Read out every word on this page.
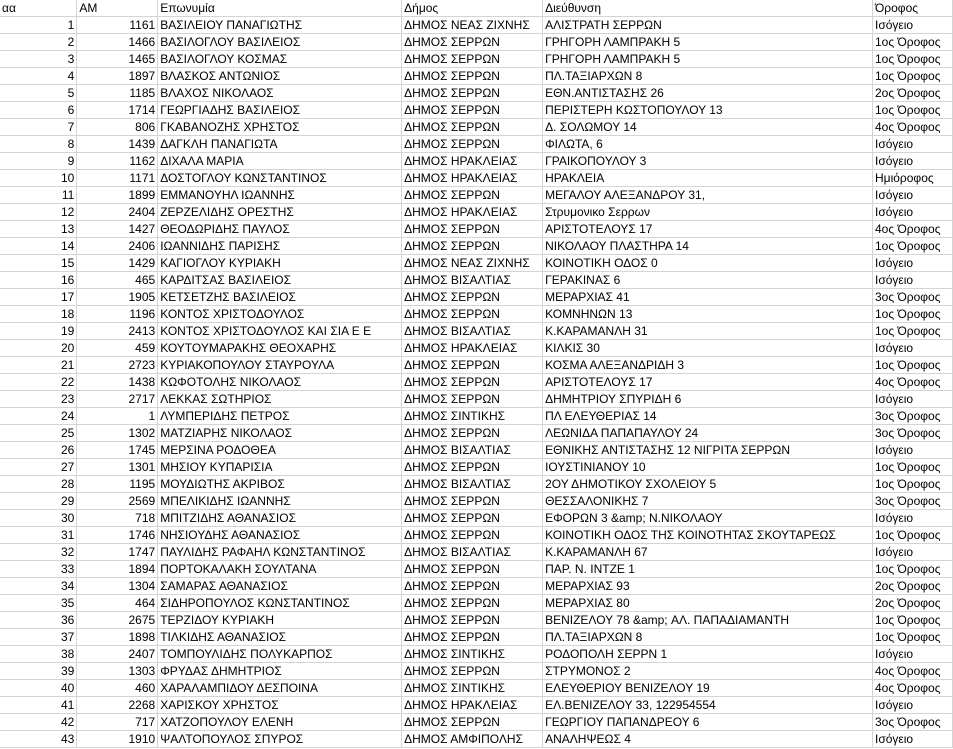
αα	AM	Επωνυμία	Δήμος	Διεύθυνση	Όροφος
1	1161	ΒΑΣΙΛΕΙΟΥ ΠΑΝΑΓΙΩΤΗΣ	ΔΗΜΟΣ ΝΕΑΣ ΖΙΧΝΗΣ	ΑΛΙΣΤΡΑΤΗ ΣΕΡΡΩΝ	Ισόγειο
2	1466	ΒΑΣΙΛΟΓΛΟΥ ΒΑΣΙΛΕΙΟΣ	ΔΗΜΟΣ ΣΕΡΡΩΝ	ΓΡΗΓΟΡΗ ΛΑΜΠΡΑΚΗ 5	1ος Όροφος
3	1465	ΒΑΣΙΛΟΓΛΟΥ ΚΟΣΜΑΣ	ΔΗΜΟΣ ΣΕΡΡΩΝ	ΓΡΗΓΟΡΗ ΛΑΜΠΡΑΚΗ 5	1ος Όροφος
4	1897	ΒΛΑΣΚΟΣ ΑΝΤΩΝΙΟΣ	ΔΗΜΟΣ ΣΕΡΡΩΝ	ΠΛ.ΤΑΞΙΑΡΧΩΝ 8	1ος Όροφος
5	1185	ΒΛΑΧΟΣ ΝΙΚΟΛΑΟΣ	ΔΗΜΟΣ ΣΕΡΡΩΝ	ΕΘΝ.ΑΝΤΙΣΤΑΣΗΣ 26	2ος Όροφος
6	1714	ΓΕΩΡΓΙΑΔΗΣ ΒΑΣΙΛΕΙΟΣ	ΔΗΜΟΣ ΣΕΡΡΩΝ	ΠΕΡΙΣΤΕΡΗ ΚΩΣΤΟΠΟΥΛΟΥ 13	1ος Όροφος
7	806	ΓΚΑΒΑΝΟΖΗΣ ΧΡΗΣΤΟΣ	ΔΗΜΟΣ ΣΕΡΡΩΝ	Δ. ΣΟΛΩΜΟΥ 14	4ος Όροφος
8	1439	ΔΑΓΚΛΗ ΠΑΝΑΓΙΩΤΑ	ΔΗΜΟΣ ΣΕΡΡΩΝ	ΦΙΛΩΤΑ, 6	Ισόγειο
9	1162	ΔΙΧΑΛΑ ΜΑΡΙΑ	ΔΗΜΟΣ ΗΡΑΚΛΕΙΑΣ	ΓΡΑΙΚΟΠΟΥΛΟΥ 3	Ισόγειο
10	1171	ΔΟΣΤΟΓΛΟΥ ΚΩΝΣΤΑΝΤΙΝΟΣ	ΔΗΜΟΣ ΗΡΑΚΛΕΙΑΣ	ΗΡΑΚΛΕΙΑ	Ημιόροφος
11	1899	ΕΜΜΑΝΟΥΗΛ ΙΩΑΝΝΗΣ	ΔΗΜΟΣ ΣΕΡΡΩΝ	ΜΕΓΑΛΟΥ ΑΛΕΞΑΝΔΡΟΥ 31,	Ισόγειο
12	2404	ΖΕΡΖΕΛΙΔΗΣ ΟΡΕΣΤΗΣ	ΔΗΜΟΣ ΗΡΑΚΛΕΙΑΣ	Στρυμονικο Σερρων	Ισόγειο
13	1427	ΘΕΟΔΩΡΙΔΗΣ ΠΑΥΛΟΣ	ΔΗΜΟΣ ΣΕΡΡΩΝ	ΑΡΙΣΤΟΤΕΛΟΥΣ 17	4ος Όροφος
14	2406	ΙΩΑΝΝΙΔΗΣ ΠΑΡΙΣΗΣ	ΔΗΜΟΣ ΣΕΡΡΩΝ	ΝΙΚΟΛΑΟΥ ΠΛΑΣΤΗΡΑ 14	1ος Όροφος
15	1429	ΚΑΓΙΟΓΛΟΥ ΚΥΡΙΑΚΗ	ΔΗΜΟΣ ΝΕΑΣ ΖΙΧΝΗΣ	ΚΟΙΝΟΤΙΚΗ ΟΔΟΣ 0	Ισόγειο
16	465	ΚΑΡΔΙΤΣΑΣ ΒΑΣΙΛΕΙΟΣ	ΔΗΜΟΣ ΒΙΣΑΛΤΙΑΣ	ΓΕΡΑΚΙΝΑΣ 6	Ισόγειο
17	1905	ΚΕΤΣΕΤΖΗΣ ΒΑΣΙΛΕΙΟΣ	ΔΗΜΟΣ ΣΕΡΡΩΝ	ΜΕΡΑΡΧΙΑΣ 41	3ος Όροφος
18	1196	ΚΟΝΤΟΣ ΧΡΙΣΤΟΔΟΥΛΟΣ	ΔΗΜΟΣ ΣΕΡΡΩΝ	ΚΟΜΝΗΝΩΝ 13	1ος Όροφος
19	2413	ΚΟΝΤΟΣ ΧΡΙΣΤΟΔΟΥΛΟΣ ΚΑΙ ΣΙΑ Ε Ε	ΔΗΜΟΣ ΒΙΣΑΛΤΙΑΣ	Κ.ΚΑΡΑΜΑΝΛΗ 31	1ος Όροφος
20	459	ΚΟΥΤΟΥΜΑΡΑΚΗΣ ΘΕΟΧΑΡΗΣ	ΔΗΜΟΣ ΗΡΑΚΛΕΙΑΣ	ΚΙΛΚΙΣ 30	Ισόγειο
21	2723	ΚΥΡΙΑΚΟΠΟΥΛΟΥ ΣΤΑΥΡΟΥΛΑ	ΔΗΜΟΣ ΣΕΡΡΩΝ	ΚΟΣΜΑ ΑΛΕΞΑΝΔΡΙΔΗ 3	1ος Όροφος
22	1438	ΚΩΦΟΤΟΛΗΣ ΝΙΚΟΛΑΟΣ	ΔΗΜΟΣ ΣΕΡΡΩΝ	ΑΡΙΣΤΟΤΕΛΟΥΣ 17	4ος Όροφος
23	2717	ΛΕΚΚΑΣ ΣΩΤΗΡΙΟΣ	ΔΗΜΟΣ ΣΕΡΡΩΝ	ΔΗΜΗΤΡΙΟΥ ΣΠΥΡΙΔΗ 6	Ισόγειο
24	1	ΛΥΜΠΕΡΙΔΗΣ ΠΕΤΡΟΣ	ΔΗΜΟΣ ΣΙΝΤΙΚΗΣ	ΠΛ ΕΛΕΥΘΕΡΙΑΣ 14	3ος Όροφος
25	1302	ΜΑΤΖΙΑΡΗΣ ΝΙΚΟΛΑΟΣ	ΔΗΜΟΣ ΣΕΡΡΩΝ	ΛΕΩΝΙΔΑ ΠΑΠΑΠΑΥΛΟΥ 24	3ος Όροφος
26	1745	ΜΕΡΣΙΝΑ ΡΟΔΟΘΕΑ	ΔΗΜΟΣ ΒΙΣΑΛΤΙΑΣ	ΕΘΝΙΚΗΣ ΑΝΤΙΣΤΑΣΗΣ 12 ΝΙΓΡΙΤΑ ΣΕΡΡΩΝ	Ισόγειο
27	1301	ΜΗΣΙΟΥ ΚΥΠΑΡΙΣΙΑ	ΔΗΜΟΣ ΣΕΡΡΩΝ	ΙΟΥΣΤΙΝΙΑΝΟΥ 10	1ος Όροφος
28	1195	ΜΟΥΔΙΩΤΗΣ ΑΚΡΙΒΟΣ	ΔΗΜΟΣ ΒΙΣΑΛΤΙΑΣ	2ΟΥ ΔΗΜΟΤΙΚΟΥ ΣΧΟΛΕΙΟΥ 5	1ος Όροφος
29	2569	ΜΠΕΛΙΚΙΔΗΣ ΙΩΑΝΝΗΣ	ΔΗΜΟΣ ΣΕΡΡΩΝ	ΘΕΣΣΑΛΟΝΙΚΗΣ 7	3ος Όροφος
30	718	ΜΠΙΤΖΙΔΗΣ ΑΘΑΝΑΣΙΟΣ	ΔΗΜΟΣ ΣΕΡΡΩΝ	ΕΦΟΡΩΝ 3 &amp; Ν.ΝΙΚΟΛΑΟΥ	Ισόγειο
31	1746	ΝΗΣΙΟΥΔΗΣ ΑΘΑΝΑΣΙΟΣ	ΔΗΜΟΣ ΣΕΡΡΩΝ	ΚΟΙΝΟΤΙΚΗ ΟΔΟΣ ΤΗΣ ΚΟΙΝΟΤΗΤΑΣ ΣΚΟΥΤΑΡΕΩΣ	1ος Όροφος
32	1747	ΠΑΥΛΙΔΗΣ ΡΑΦΑΗΛ ΚΩΝΣΤΑΝΤΙΝΟΣ	ΔΗΜΟΣ ΒΙΣΑΛΤΙΑΣ	Κ.ΚΑΡΑΜΑΝΛΗ 67	Ισόγειο
33	1894	ΠΟΡΤΟΚΑΛΑΚΗ ΣΟΥΛΤΑΝΑ	ΔΗΜΟΣ ΣΕΡΡΩΝ	ΠΑΡ. Ν. ΙΝΤΖΕ 1	1ος Όροφος
34	1304	ΣΑΜΑΡΑΣ ΑΘΑΝΑΣΙΟΣ	ΔΗΜΟΣ ΣΕΡΡΩΝ	ΜΕΡΑΡΧΙΑΣ 93	2ος Όροφος
35	464	ΣΙΔΗΡΟΠΟΥΛΟΣ ΚΩΝΣΤΑΝΤΙΝΟΣ	ΔΗΜΟΣ ΣΕΡΡΩΝ	ΜΕΡΑΡΧΙΑΣ 80	2ος Όροφος
36	2675	ΤΕΡΖΙΔΟΥ ΚΥΡΙΑΚΗ	ΔΗΜΟΣ ΣΕΡΡΩΝ	ΒΕΝΙΖΕΛΟΥ 78 &amp; ΑΛ. ΠΑΠΑΔΙΑΜΑΝΤΗ	1ος Όροφος
37	1898	ΤΙΛΚΙΔΗΣ ΑΘΑΝΑΣΙΟΣ	ΔΗΜΟΣ ΣΕΡΡΩΝ	ΠΛ.ΤΑΞΙΑΡΧΩΝ 8	1ος Όροφος
38	2407	ΤΟΜΠΟΥΛΙΔΗΣ ΠΟΛΥΚΑΡΠΟΣ	ΔΗΜΟΣ ΣΙΝΤΙΚΗΣ	ΡΟΔΟΠΟΛΗ ΣΕΡΡΝ 1	Ισόγειο
39	1303	ΦΡΥΔΑΣ ΔΗΜΗΤΡΙΟΣ	ΔΗΜΟΣ ΣΕΡΡΩΝ	ΣΤΡΥΜΟΝΟΣ 2	4ος Όροφος
40	460	ΧΑΡΑΛΑΜΠΙΔΟΥ ΔΕΣΠΟΙΝΑ	ΔΗΜΟΣ ΣΙΝΤΙΚΗΣ	ΕΛΕΥΘΕΡΙΟΥ ΒΕΝΙΖΕΛΟΥ 19	4ος Όροφος
41	2268	ΧΑΡΙΣΚΟΥ ΧΡΗΣΤΟΣ	ΔΗΜΟΣ ΗΡΑΚΛΕΙΑΣ	ΕΛ.ΒΕΝΙΖΕΛΟΥ 33, 122954554	Ισόγειο
42	717	ΧΑΤΖΟΠΟΥΛΟΥ ΕΛΕΝΗ	ΔΗΜΟΣ ΣΕΡΡΩΝ	ΓΕΩΡΓΙΟΥ ΠΑΠΑΝΔΡΕΟΥ 6	3ος Όροφος
43	1910	ΨΑΛΤΟΠΟΥΛΟΣ ΣΠΥΡΟΣ	ΔΗΜΟΣ ΑΜΦΙΠΟΛΗΣ	ΑΝΑΛΗΨΕΩΣ 4	Ισόγειο
